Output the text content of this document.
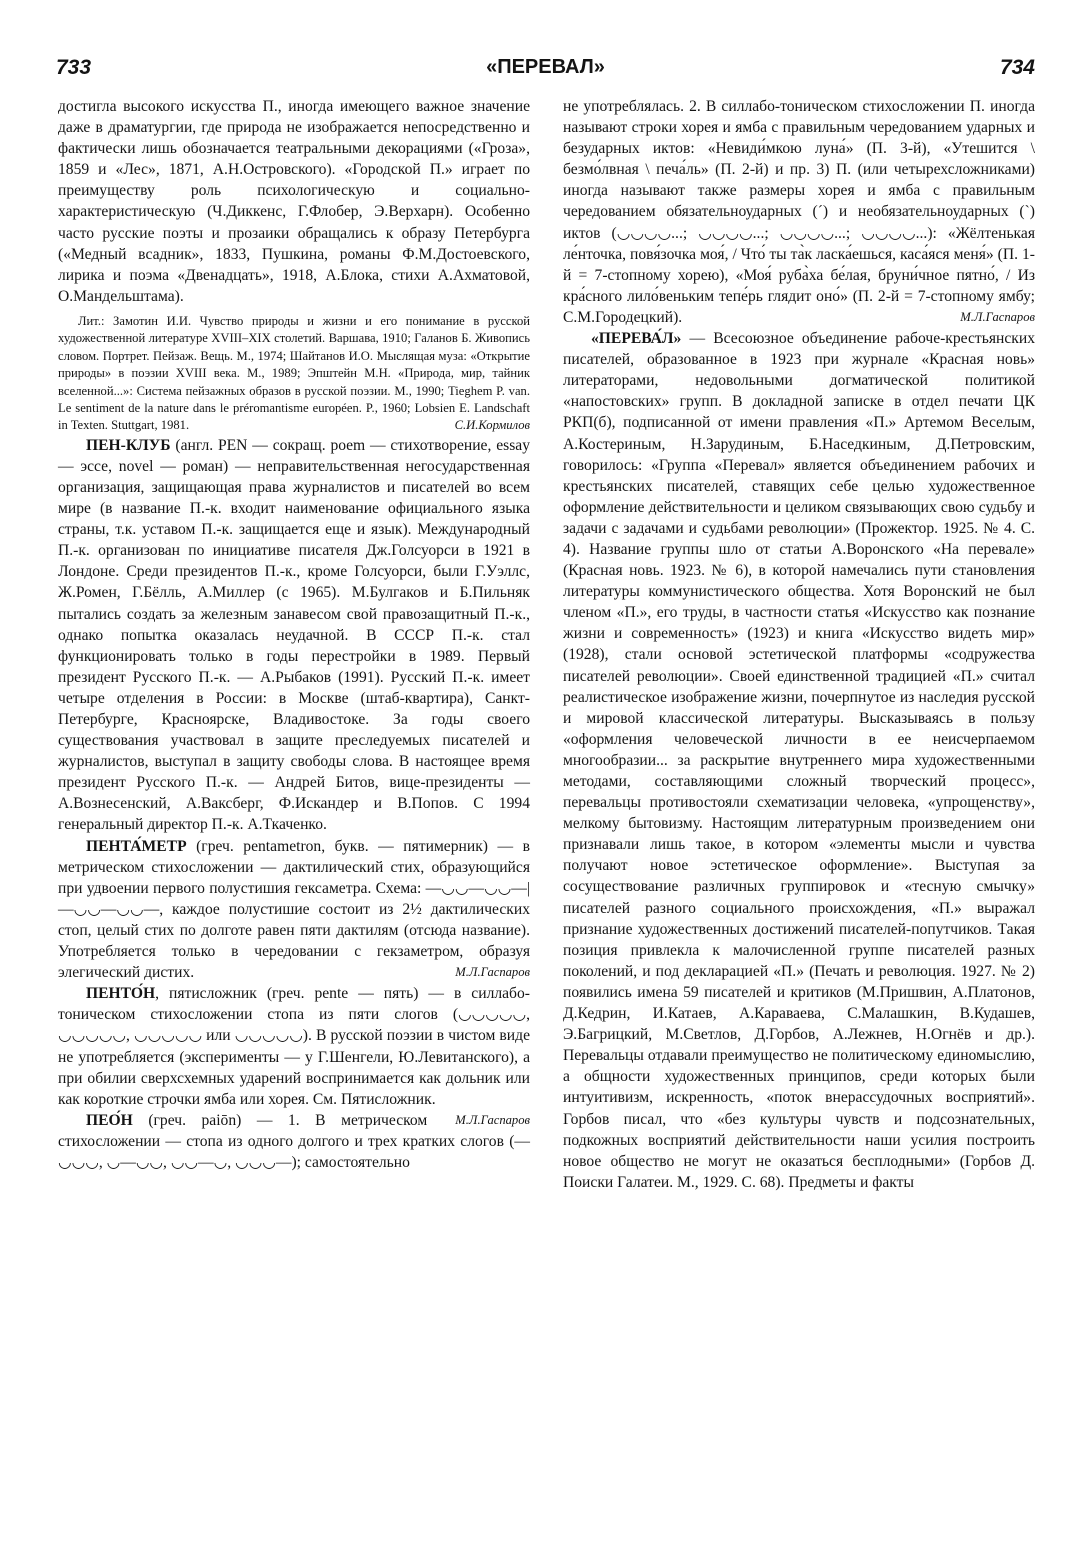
733	«ПЕРЕВАЛ»	734

достигла высокого искусства П., иногда имеющего важное значение даже в драматургии, где природа не изображается непосредственно и фактически лишь обозначается театральными декорациями («Гроза», 1859 и «Лес», 1871, А.Н.Островского). «Городской П.» играет по преимуществу роль психологическую и социально-характеристическую (Ч.Диккенс, Г.Флобер, Э.Верхарн). Особенно часто русские поэты и прозаики обращались к образу Петербурга («Медный всадник», 1833, Пушкина, романы Ф.М.Достоевского, лирика и поэма «Двенадцать», 1918, А.Блока, стихи А.Ахматовой, О.Мандельштама).

Лит.: Замотин И.И. Чувство природы и жизни и его понимание в русской художественной литературе XVIII–XIX столетий. Варшава, 1910; Галанов Б. Живопись словом. Портрет. Пейзаж. Вещь. М., 1974; Шайтанов И.О. Мыслящая муза: «Открытие природы» в поэзии XVIII века. М., 1989; Эпштейн М.Н. «Природа, мир, тайник вселенной...»: Система пейзажных образов в русской поэзии. М., 1990; Tieghem P. van. Le sentiment de la nature dans le préromantisme européen. P., 1960; Lobsien E. Landschaft in Texten. Stuttgart, 1981.	С.И.Кормилов

ПЕН-КЛУБ (англ. PEN — сокращ. poem — стихотворение, essay — эссе, novel — роман) — неправительственная негосударственная организация, защищающая права журналистов и писателей во всем мире (в название П.-к. входит наименование официального языка страны, т.к. уставом П.-к. защищается еще и язык). Международный П.-к. организован по инициативе писателя Дж.Голсуорси в 1921 в Лондоне. Среди президентов П.-к., кроме Голсуорси, были Г.Уэллс, Ж.Ромен, Г.Бёлль, А.Миллер (с 1965). М.Булгаков и Б.Пильняк пытались создать за железным занавесом свой правозащитный П.-к., однако попытка оказалась неудачной. В СССР П.-к. стал функционировать только в годы перестройки в 1989. Первый президент Русского П.-к. — А.Рыбаков (1991). Русский П.-к. имеет четыре отделения в России: в Москве (штаб-квартира), Санкт-Петербурге, Красноярске, Владивостоке. За годы своего существования участвовал в защите преследуемых писателей и журналистов, выступал в защиту свободы слова. В настоящее время президент Русского П.-к. — Андрей Битов, вице-президенты — А.Вознесенский, А.Ваксберг, Ф.Искандер и В.Попов. С 1994 генеральный директор П.-к. А.Ткаченко.

ПЕНТА́МЕТР (греч. pentametron, букв. — пятимерник) — в метрическом стихосложении — дактилический стих, образующийся при удвоении первого полустишия гексаметра. Схема: —◡◡—◡◡—|—◡◡—◡◡—, каждое полустишие состоит из 2½ дактилических стоп, целый стих по долготе равен пяти дактилям (отсюда название). Употребляется только в чередовании с гекзаметром, образуя элегический дистих.	М.Л.Гаспаров

ПЕНТО́Н, пятисложник (греч. pente — пять) — в силлабо-тоническом стихосложении стопа из пяти слогов (◡◡◡◡◡, ◡◡◡◡◡, ◡◡◡◡◡ или ◡◡◡◡◡). В русской поэзии в чистом виде не употребляется (эксперименты — у Г.Шенгели, Ю.Левитанского), а при обилии сверхсхемных ударений воспринимается как дольник или как короткие строчки ямба или хорея. См. Пятисложник.
М.Л.Гаспаров

ПЕО́Н (греч. paiōn) — 1. В метрическом стихосложении — стопа из одного долгого и трех кратких слогов (—◡◡◡, ◡—◡◡, ◡◡—◡, ◡◡◡—); самостоятельно

не употреблялась. 2. В силлабо-тоническом стихосложении П. иногда называют строки хорея и ямба с правильным чередованием ударных и безударных иктов: «Невиди́мкою луна́» (П. 3-й), «Утешится \ безмо́лвная \ печа́ль» (П. 2-й) и пр. 3) П. (или четырехсложниками) иногда называют также размеры хорея и ямба с правильным чередованием обязательноударных (´) и необязательноударных (`) иктов (◡◡◡◡...; ◡◡◡◡...; ◡◡◡◡...; ◡◡◡◡...): «Жёлтенькая ле́нточка, повя́зочка моя́, / Что́ ты та̀к ласка́ешься, каса́яся меня́» (П. 1-й = 7-стопному хорею), «Моя́ руба̀ха бе́лая, бруни́чное пятно́, / Из кра́сного лило́веньким тепе́рь глядит оно́» (П. 2-й = 7-стопному ямбу; С.М.Городецкий).	М.Л.Гаспаров

«ПЕРЕВА́Л» — Всесоюзное объединение рабоче-крестьянских писателей, образованное в 1923 при журнале «Красная новь» литераторами, недовольными догматической политикой «напостовских» групп. В докладной записке в отдел печати ЦК РКП(б), подписанной от имени правления «П.» Артемом Веселым, А.Костериным, Н.Зарудиным, Б.Наседкиным, Д.Петровским, говорилось: «Группа «Перевал» является объединением рабочих и крестьянских писателей, ставящих себе целью художественное оформление действительности и целиком связывающих свою судьбу и задачи с задачами и судьбами революции» (Прожектор. 1925. № 4. С. 4). Название группы шло от статьи А.Воронского «На перевале» (Красная новь. 1923. № 6), в которой намечались пути становления литературы коммунистического общества. Хотя Воронский не был членом «П.», его труды, в частности статья «Искусство как познание жизни и современность» (1923) и книга «Искусство видеть мир» (1928), стали основой эстетической платформы «содружества писателей революции». Своей единственной традицией «П.» считал реалистическое изображение жизни, почерпнутое из наследия русской и мировой классической литературы. Высказываясь в пользу «оформления человеческой личности в ее неисчерпаемом многообразии... за раскрытие внутреннего мира художественными методами, составляющими сложный творческий процесс», перевальцы противостояли схематизации человека, «упрощенству», мелкому бытовизму. Настоящим литературным произведением они признавали лишь такое, в котором «элементы мысли и чувства получают новое эстетическое оформление». Выступая за сосуществование различных группировок и «тесную смычку» писателей разного социального происхождения, «П.» выражал признание художественных достижений писателей-попутчиков. Такая позиция привлекла к малочисленной группе писателей разных поколений, и под декларацией «П.» (Печать и революция. 1927. № 2) появились имена 59 писателей и критиков (М.Пришвин, А.Платонов, Д.Кедрин, И.Катаев, А.Караваева, С.Малашкин, В.Кудашев, Э.Багрицкий, М.Светлов, Д.Горбов, А.Лежнев, Н.Огнёв и др.). Перевальцы отдавали преимущество не политическому единомыслию, а общности художественных принципов, среди которых были интуитивизм, искренность, «поток внерассудочных восприятий». Горбов писал, что «без культуры чувств и подсознательных, подкожных восприятий действительности наши усилия построить новое общество не могут не оказаться бесплодными» (Горбов Д. Поиски Галатеи. М., 1929. С. 68). Предметы и факты
